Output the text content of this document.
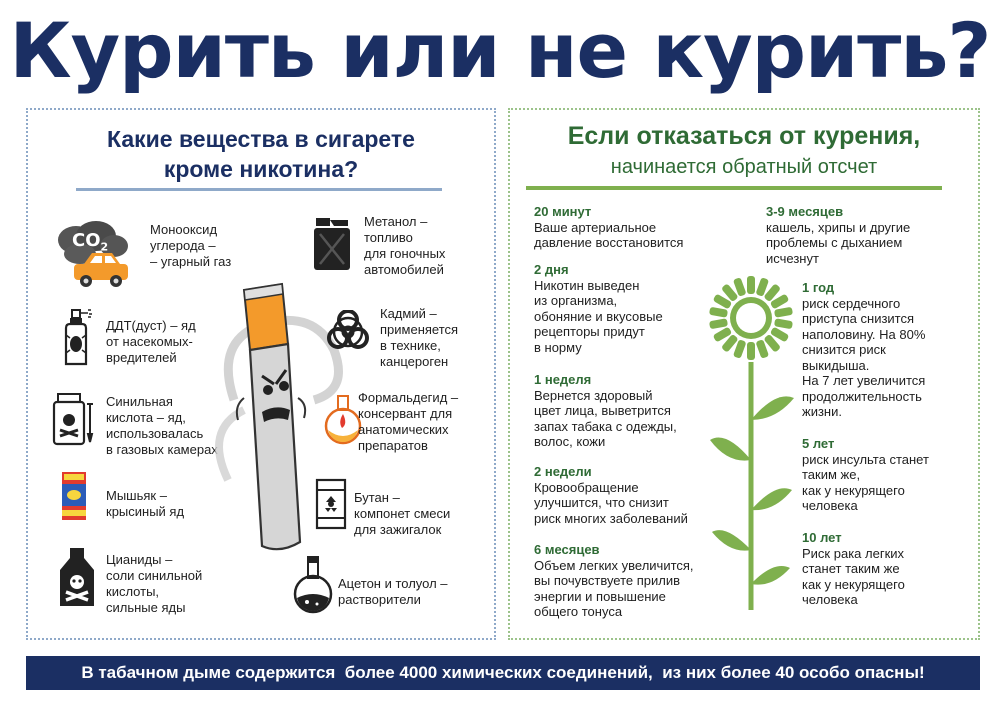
Курить или не курить?
Какие вещества в сигарете
кроме никотина?
$CO_2$
Монооксид
углерода –
– угарный газ
ДДТ(дуст) – яд
от насекомых-
вредителей
Синильная
кислота – яд,
использовалась
в газовых камерах
Мышьяк –
крысиный яд
Цианиды –
соли синильной
кислоты,
сильные яды
Метанол –
топливо
для гоночных
автомобилей
Кадмий –
применяется
в технике,
канцероген
Формальдегид –
консервант для
анатомических
препаратов
Бутан –
компонет смеси
для зажигалок
Ацетон и толуол –
растворители
Если отказаться от курения,
начинается обратный отсчет
20 минут
Ваше артериальное
давление восстановится
2 дня
Никотин выведен
из организма,
обоняние и вкусовые
рецепторы придут
в норму
1 неделя
Вернется здоровый
цвет лица, выветрится
запах табака с одежды,
волос, кожи
2 недели
Кровообращение
улучшится, что снизит
риск многих заболеваний
6 месяцев
Объем легких увеличится,
вы почувствуете прилив
энергии и повышение
общего тонуса
3-9 месяцев
кашель, хрипы и другие
проблемы с дыханием
исчезнут
1 год
риск сердечного
приступа снизится
наполовину. На 80%
снизится риск
выкидыша.
На 7 лет увеличится
продолжительность
жизни.
5 лет
риск инсульта станет
таким же,
как у некурящего
человека
10 лет
Риск рака легких
станет таким же
как у некурящего
человека
В табачном дыме содержится  более 4000 химических соединений,  из них более 40 особо опасны!
